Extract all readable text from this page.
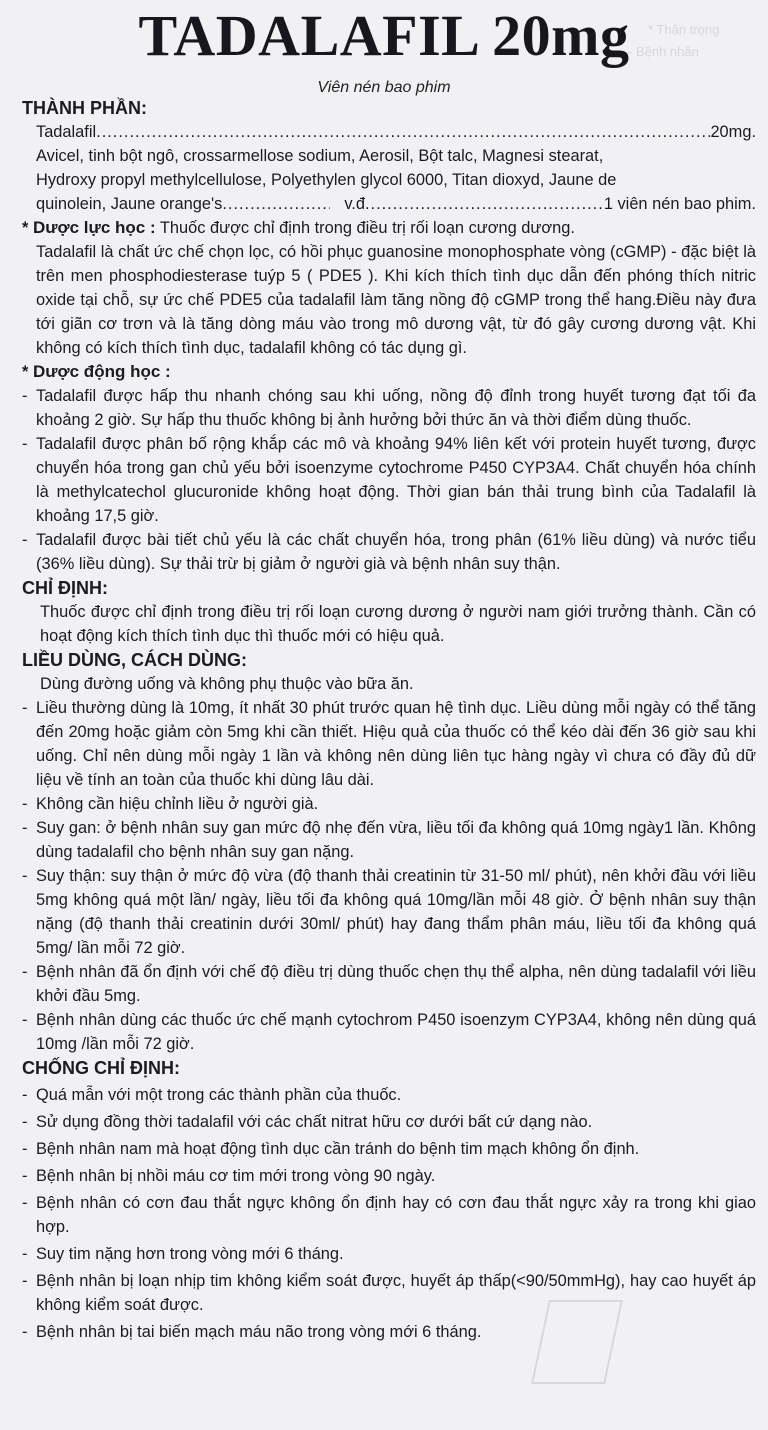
* Thận trọng
- Bệnh nhân
TADALAFIL 20mg
Viên nén bao phim
THÀNH PHẦN:
Tadalafil .....	20mg.
Avicel, tinh bột ngô, crossarmellose sodium, Aerosil, Bột talc, Magnesi stearat,
Hydroxy propyl methylcellulose, Polyethylen glycol 6000, Titan dioxyd, Jaune de
quinolein, Jaune orange's .....	v.đ .....	1 viên nén bao phim.
* Dược lực học : Thuốc được chỉ định trong điều trị rối loạn cương dương.
Tadalafil là chất ức chế chọn lọc, có hồi phục guanosine monophosphate vòng (cGMP) - đặc biệt là trên men phosphodiesterase tuýp 5 ( PDE5 ). Khi kích thích tình dục dẫn đến phóng thích nitric oxide tại chỗ, sự ức chế PDE5 của tadalafil làm tăng nồng độ cGMP trong thể hang.Điều này đưa tới giãn cơ trơn và là tăng dòng máu vào trong mô dương vật, từ đó gây cương dương vật. Khi không có kích thích tình dục, tadalafil không có tác dụng gì.
* Dược động học :
- Tadalafil được hấp thu nhanh chóng sau khi uống, nồng độ đỉnh trong huyết tương đạt tối đa khoảng 2 giờ. Sự hấp thu thuốc không bị ảnh hưởng bởi thức ăn và thời điểm dùng thuốc.
- Tadalafil được phân bố rộng khắp các mô và khoảng 94% liên kết với protein huyết tương, được chuyển hóa trong gan chủ yếu bởi isoenzyme cytochrome P450 CYP3A4. Chất chuyển hóa chính là methylcatechol glucuronide không hoạt động. Thời gian bán thải trung bình của Tadalafil là khoảng 17,5 giờ.
- Tadalafil được bài tiết chủ yếu là các chất chuyển hóa, trong phân (61% liều dùng) và nước tiểu (36% liều dùng). Sự thải trừ bị giảm ở người già và bệnh nhân suy thận.
CHỈ ĐỊNH:
Thuốc được chỉ định trong điều trị rối loạn cương dương ở người nam giới trưởng thành. Cần có hoạt động kích thích tình dục thì thuốc mới có hiệu quả.
LIỀU DÙNG, CÁCH DÙNG:
Dùng đường uống và không phụ thuộc vào bữa ăn.
- Liều thường dùng là 10mg, ít nhất 30 phút trước quan hệ tình dục. Liều dùng mỗi ngày có thể tăng đến 20mg hoặc giảm còn 5mg khi cần thiết. Hiệu quả của thuốc có thể kéo dài đến 36 giờ sau khi uống. Chỉ nên dùng mỗi ngày 1 lần và không nên dùng liên tục hàng ngày vì chưa có đầy đủ dữ liệu về tính an toàn của thuốc khi dùng lâu dài.
- Không cần hiệu chỉnh liều ở người già.
- Suy gan: ở bệnh nhân suy gan mức độ nhẹ đến vừa, liều tối đa không quá 10mg ngày1 lần. Không dùng tadalafil cho bệnh nhân suy gan nặng.
- Suy thận: suy thận ở mức độ vừa (độ thanh thải creatinin từ 31-50 ml/ phút), nên khởi đầu với liều 5mg không quá một lần/ ngày, liều tối đa không quá 10mg/lần mỗi 48 giờ. Ở bệnh nhân suy thận nặng (độ thanh thải creatinin dưới 30ml/ phút) hay đang thẩm phân máu, liều tối đa không quá 5mg/ lần mỗi 72 giờ.
- Bệnh nhân đã ổn định với chế độ điều trị dùng thuốc chẹn thụ thể alpha, nên dùng tadalafil với liều khởi đầu 5mg.
- Bệnh nhân dùng các thuốc ức chế mạnh cytochrom P450 isoenzym CYP3A4, không nên dùng quá 10mg /lần mỗi 72 giờ.
CHỐNG CHỈ ĐỊNH:
- Quá mẫn với một trong các thành phần của thuốc.
- Sử dụng đồng thời tadalafil với các chất nitrat hữu cơ dưới bất cứ dạng nào.
- Bệnh nhân nam mà hoạt động tình dục cần tránh do bệnh tim mạch không ổn định.
- Bệnh nhân bị nhồi máu cơ tim mới trong vòng 90 ngày.
- Bệnh nhân có cơn đau thắt ngực không ổn định hay có cơn đau thắt ngực xảy ra trong khi giao hợp.
- Suy tim nặng hơn trong vòng mới 6 tháng.
- Bệnh nhân bị loạn nhịp tim không kiểm soát được, huyết áp thấp(<90/50mmHg), hay cao huyết áp không kiểm soát được.
- Bệnh nhân bị tai biến mạch máu não trong vòng mới 6 tháng.
